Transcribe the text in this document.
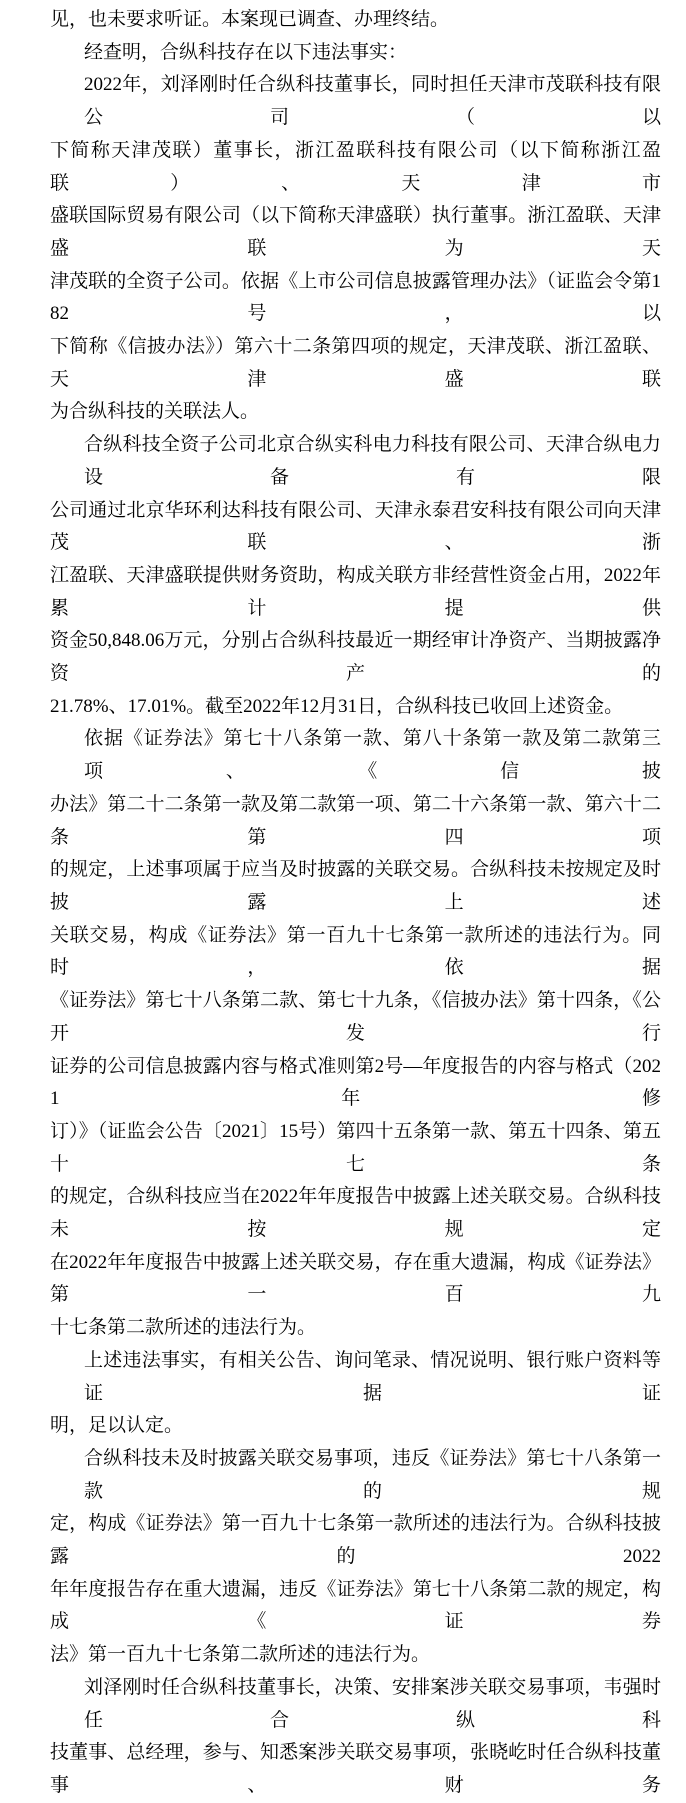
见，也未要求听证。本案现已调查、办理终结。
经查明，合纵科技存在以下违法事实：
2022年，刘泽刚时任合纵科技董事长，同时担任天津市茂联科技有限公司（以
下简称天津茂联）董事长，浙江盈联科技有限公司（以下简称浙江盈联）、天津市
盛联国际贸易有限公司（以下简称天津盛联）执行董事。浙江盈联、天津盛联为天
津茂联的全资子公司。依据《上市公司信息披露管理办法》（证监会令第182号，以
下简称《信披办法》）第六十二条第四项的规定，天津茂联、浙江盈联、天津盛联
为合纵科技的关联法人。
合纵科技全资子公司北京合纵实科电力科技有限公司、天津合纵电力设备有限
公司通过北京华环利达科技有限公司、天津永泰君安科技有限公司向天津茂联、浙
江盈联、天津盛联提供财务资助，构成关联方非经营性资金占用，2022年累计提供
资金50,848.06万元，分别占合纵科技最近一期经审计净资产、当期披露净资产的
21.78%、17.01%。截至2022年12月31日，合纵科技已收回上述资金。
依据《证券法》第七十八条第一款、第八十条第一款及第二款第三项、《信披
办法》第二十二条第一款及第二款第一项、第二十六条第一款、第六十二条第四项
的规定，上述事项属于应当及时披露的关联交易。合纵科技未按规定及时披露上述
关联交易，构成《证券法》第一百九十七条第一款所述的违法行为。同时，依据
《证券法》第七十八条第二款、第七十九条，《信披办法》第十四条，《公开发行
证券的公司信息披露内容与格式准则第2号—年度报告的内容与格式（2021年修
订）》（证监会公告〔2021〕15号）第四十五条第一款、第五十四条、第五十七条
的规定，合纵科技应当在2022年年度报告中披露上述关联交易。合纵科技未按规定
在2022年年度报告中披露上述关联交易，存在重大遗漏，构成《证券法》第一百九
十七条第二款所述的违法行为。
上述违法事实，有相关公告、询问笔录、情况说明、银行账户资料等证据证
明，足以认定。
合纵科技未及时披露关联交易事项，违反《证券法》第七十八条第一款的规
定，构成《证券法》第一百九十七条第一款所述的违法行为。合纵科技披露的2022
年年度报告存在重大遗漏，违反《证券法》第七十八条第二款的规定，构成《证券
法》第一百九十七条第二款所述的违法行为。
刘泽刚时任合纵科技董事长，决策、安排案涉关联交易事项，韦强时任合纵科
技董事、总经理，参与、知悉案涉关联交易事项，张晓屹时任合纵科技董事、财务
